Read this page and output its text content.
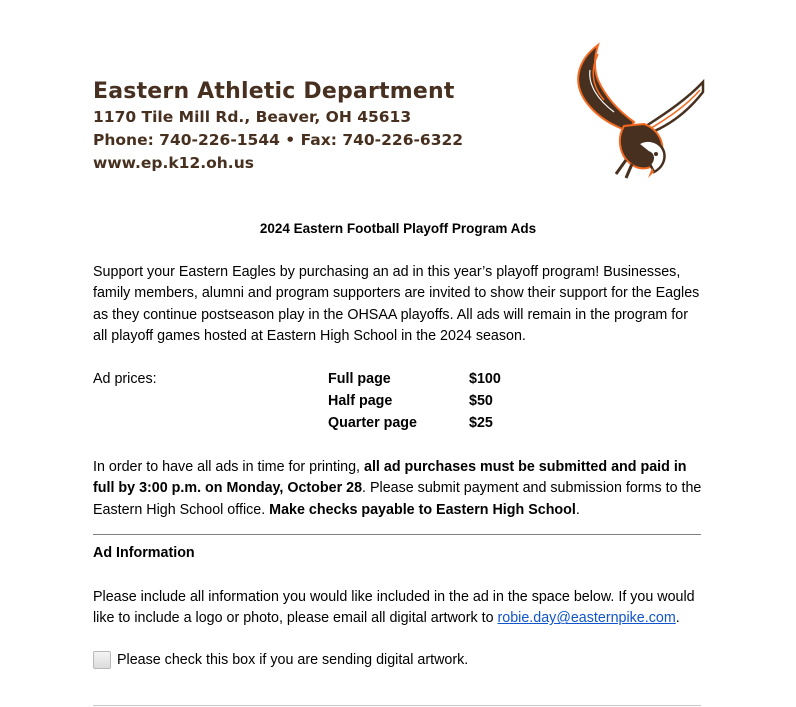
Eastern Athletic Department
1170 Tile Mill Rd., Beaver, OH 45613
Phone: 740-226-1544 • Fax: 740-226-6322
www.ep.k12.oh.us
2024 Eastern Football Playoff Program Ads
Support your Eastern Eagles by purchasing an ad in this year’s playoff program! Businesses, family members, alumni and program supporters are invited to show their support for the Eagles as they continue postseason play in the OHSAA playoffs. All ads will remain in the program for all playoff games hosted at Eastern High School in the 2024 season.
Ad prices:	Full page	$100
Half page	$50
Quarter page	$25
In order to have all ads in time for printing, all ad purchases must be submitted and paid in full by 3:00 p.m. on Monday, October 28. Please submit payment and submission forms to the Eastern High School office. Make checks payable to Eastern High School.
Ad Information
Please include all information you would like included in the ad in the space below. If you would like to include a logo or photo, please email all digital artwork to robie.day@easternpike.com.
Please check this box if you are sending digital artwork.
